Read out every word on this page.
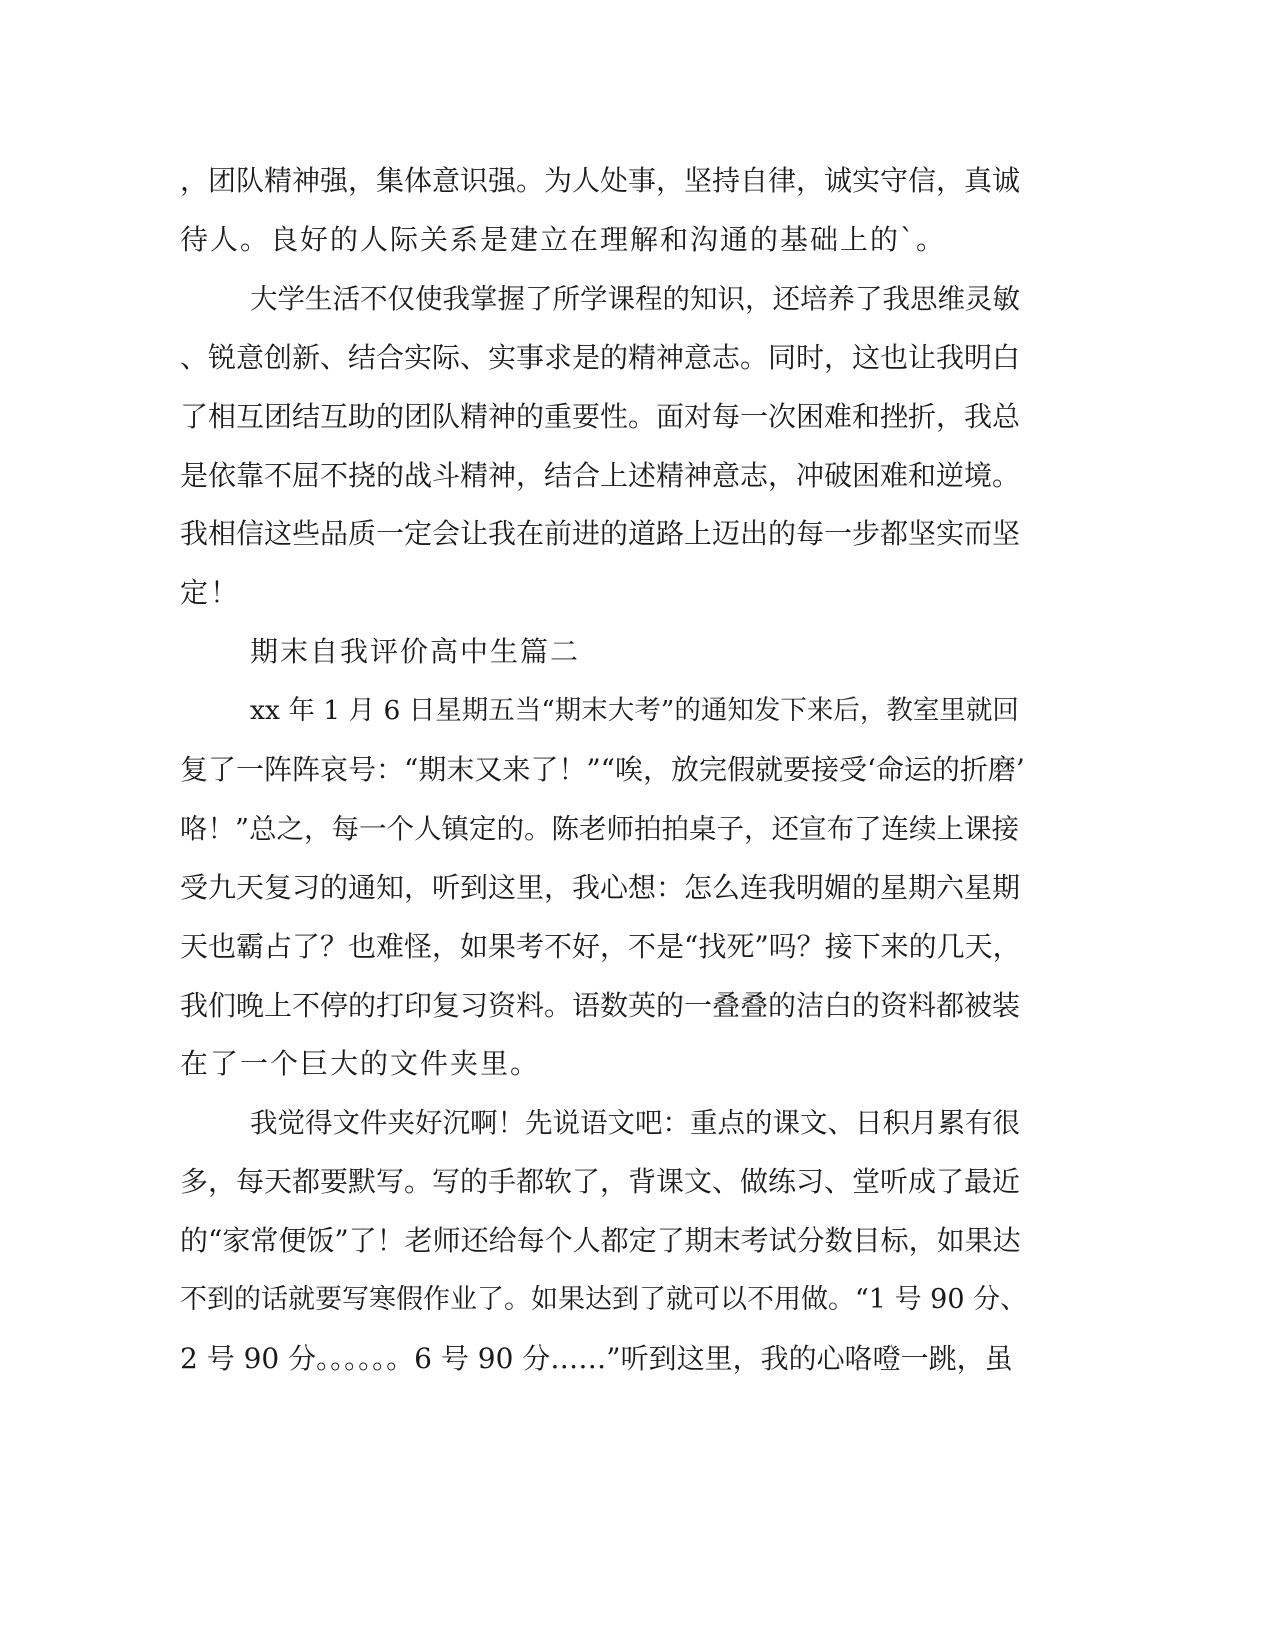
，团队精神强，集体意识强。为人处事，坚持自律，诚实守信，真诚
待人。良好的人际关系是建立在理解和沟通的基础上的`。
大学生活不仅使我掌握了所学课程的知识，还培养了我思维灵敏
、锐意创新、结合实际、实事求是的精神意志。同时，这也让我明白
了相互团结互助的团队精神的重要性。面对每一次困难和挫折，我总
是依靠不屈不挠的战斗精神，结合上述精神意志，冲破困难和逆境。
我相信这些品质一定会让我在前进的道路上迈出的每一步都坚实而坚
定！
期末自我评价高中生篇二
xx 年 1 月 6 日星期五当“期末大考”的通知发下来后，教室里就回
复了一阵阵哀号：“期末又来了！”“唉，放完假就要接受‘命运的折磨’
咯！”总之，每一个人镇定的。陈老师拍拍桌子，还宣布了连续上课接
受九天复习的通知，听到这里，我心想：怎么连我明媚的星期六星期
天也霸占了？也难怪，如果考不好，不是“找死”吗？接下来的几天，
我们晚上不停的打印复习资料。语数英的一叠叠的洁白的资料都被装
在了一个巨大的文件夹里。
我觉得文件夹好沉啊！先说语文吧：重点的课文、日积月累有很
多，每天都要默写。写的手都软了，背课文、做练习、堂听成了最近
的“家常便饭”了！老师还给每个人都定了期末考试分数目标，如果达
不到的话就要写寒假作业了。如果达到了就可以不用做。“1 号 90 分、
2 号 90 分。。。。。。6 号 90 分……”听到这里，我的心咯噔一跳，虽
